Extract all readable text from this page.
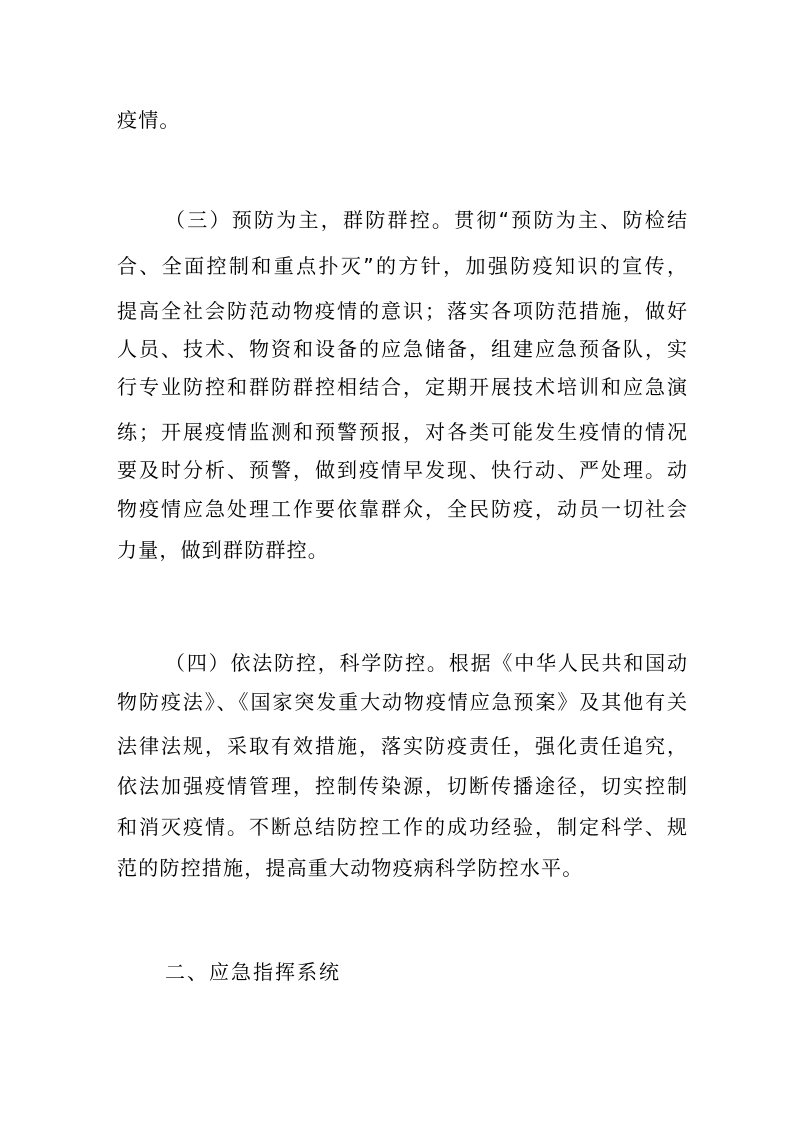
疫情。
（三）预防为主，群防群控。贯彻“预防为主、防检结
合、全面控制和重点扑灭”的方针，加强防疫知识的宣传，
提高全社会防范动物疫情的意识；落实各项防范措施，做好
人员、技术、物资和设备的应急储备，组建应急预备队，实
行专业防控和群防群控相结合，定期开展技术培训和应急演
练；开展疫情监测和预警预报，对各类可能发生疫情的情况
要及时分析、预警，做到疫情早发现、快行动、严处理。动
物疫情应急处理工作要依靠群众，全民防疫，动员一切社会
力量，做到群防群控。
（四）依法防控，科学防控。根据《中华人民共和国动
物防疫法》、《国家突发重大动物疫情应急预案》及其他有关
法律法规，采取有效措施，落实防疫责任，强化责任追究，
依法加强疫情管理，控制传染源，切断传播途径，切实控制
和消灭疫情。不断总结防控工作的成功经验，制定科学、规
范的防控措施，提高重大动物疫病科学防控水平。
二、应急指挥系统
